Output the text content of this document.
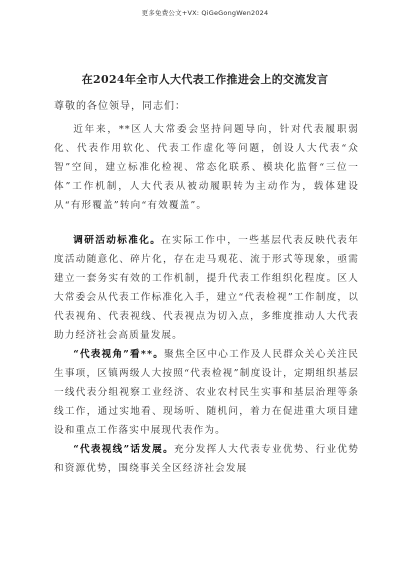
更多免费公文+VX: QiGeGongWen2024
在2024年全市人大代表工作推进会上的交流发言
尊敬的各位领导，同志们：

近年来，**区人大常委会坚持问题导向，针对代表履职弱化、代表作用软化、代表工作虚化等问题，创设人大代表“众智”空间，建立标准化检视、常态化联系、模块化监督“三位一体”工作机制，人大代表从被动履职转为主动作为，载体建设从“有形覆盖”转向“有效覆盖”。

调研活动标准化。在实际工作中，一些基层代表反映代表年度活动随意化、碎片化，存在走马观花、流于形式等现象，亟需建立一套务实有效的工作机制，提升代表工作组织化程度。区人大常委会从代表工作标准化入手，建立“代表检视”工作制度，以代表视角、代表视线、代表视点为切入点，多维度推动人大代表助力经济社会高质量发展。

“代表视角”看**。聚焦全区中心工作及人民群众关心关注民生事项，区镇两级人大按照“代表检视”制度设计，定期组织基层一线代表分组视察工业经济、农业农村民生实事和基层治理等条线工作，通过实地看、现场听、随机问，着力在促进重大项目建设和重点工作落实中展现代表作为。

“代表视线”话发展。充分发挥人大代表专业优势、行业优势和资源优势，围绕事关全区经济社会发展
